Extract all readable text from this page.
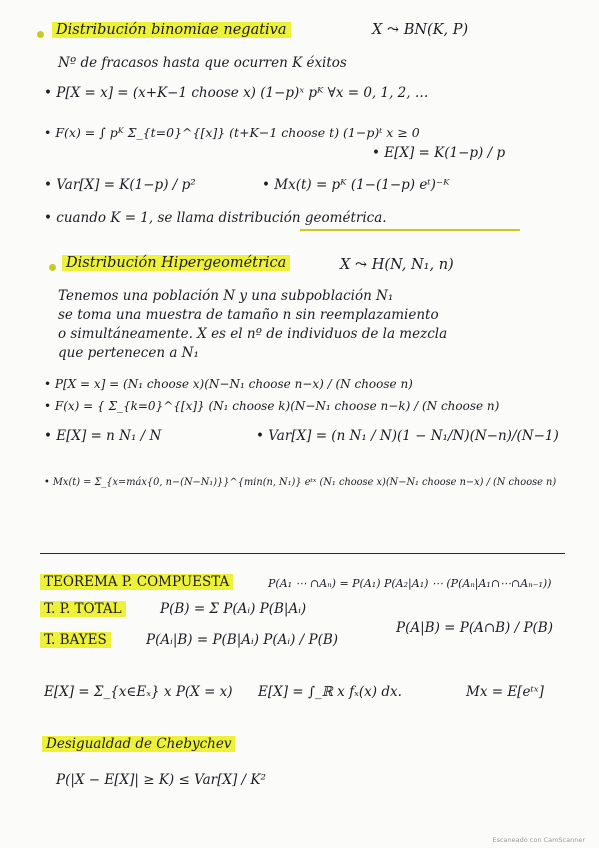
Distribución binomiae negativa	X ⤳ BN(K, P)
Nº de fracasos hasta que ocurren K éxitos
• P[X = x] = (x+K−1 choose x) (1−p)ˣ pᴷ ∀x = 0, 1, 2, …
• F(x) = ∫ pᴷ Σ_{t=0}^{[x]} (t+K−1 choose t) (1−p)ᵗ x ≥ 0
• E[X] = K(1−p) / p
• Var[X] = K(1−p) / p²	• Mx(t) = pᴷ (1−(1−p) eᵗ)⁻ᴷ
• cuando K = 1, se llama distribución geométrica.
Distribución Hipergeométrica	X ⤳ H(N, N₁, n)
Tenemos una población N y una subpoblación N₁
se toma una muestra de tamaño n sin reemplazamiento
o simultáneamente. X es el nº de individuos de la mezcla
que pertenecen a N₁
• P[X = x] = (N₁ choose x)(N−N₁ choose n−x) / (N choose n)
• F(x) = { Σ_{k=0}^{[x]} (N₁ choose k)(N−N₁ choose n−k) / (N choose n)
• E[X] = n N₁ / N	• Var[X] = (n N₁ / N)(1 − N₁/N)(N−n)/(N−1)
• Mx(t) = Σ_{x=máx{0, n−(N−N₁)}}^{min(n, N₁)} eᵗˣ (N₁ choose x)(N−N₁ choose n−x) / (N choose n)
TEOREMA P. COMPUESTA	P(A₁ ⋯ ∩Aₙ) = P(A₁) P(A₂|A₁) ⋯ (P(Aₙ|A₁∩⋯∩Aₙ₋₁))
T. P. TOTAL	P(B) = Σ P(Aᵢ) P(B|Aᵢ)
T. BAYES	P(Aᵢ|B) = P(B|Aᵢ) P(Aᵢ) / P(B)
P(A|B) = P(A∩B) / P(B)
E[X] = Σ_{x∈Eₓ} x P(X = x) E[X] = ∫_ℝ x fₓ(x) dx.	Mx = E[eᵗˣ]
Desigualdad de Chebychev
P(|X − E[X]| ≥ K) ≤ Var[X] / K²
Escaneado con CamScanner
